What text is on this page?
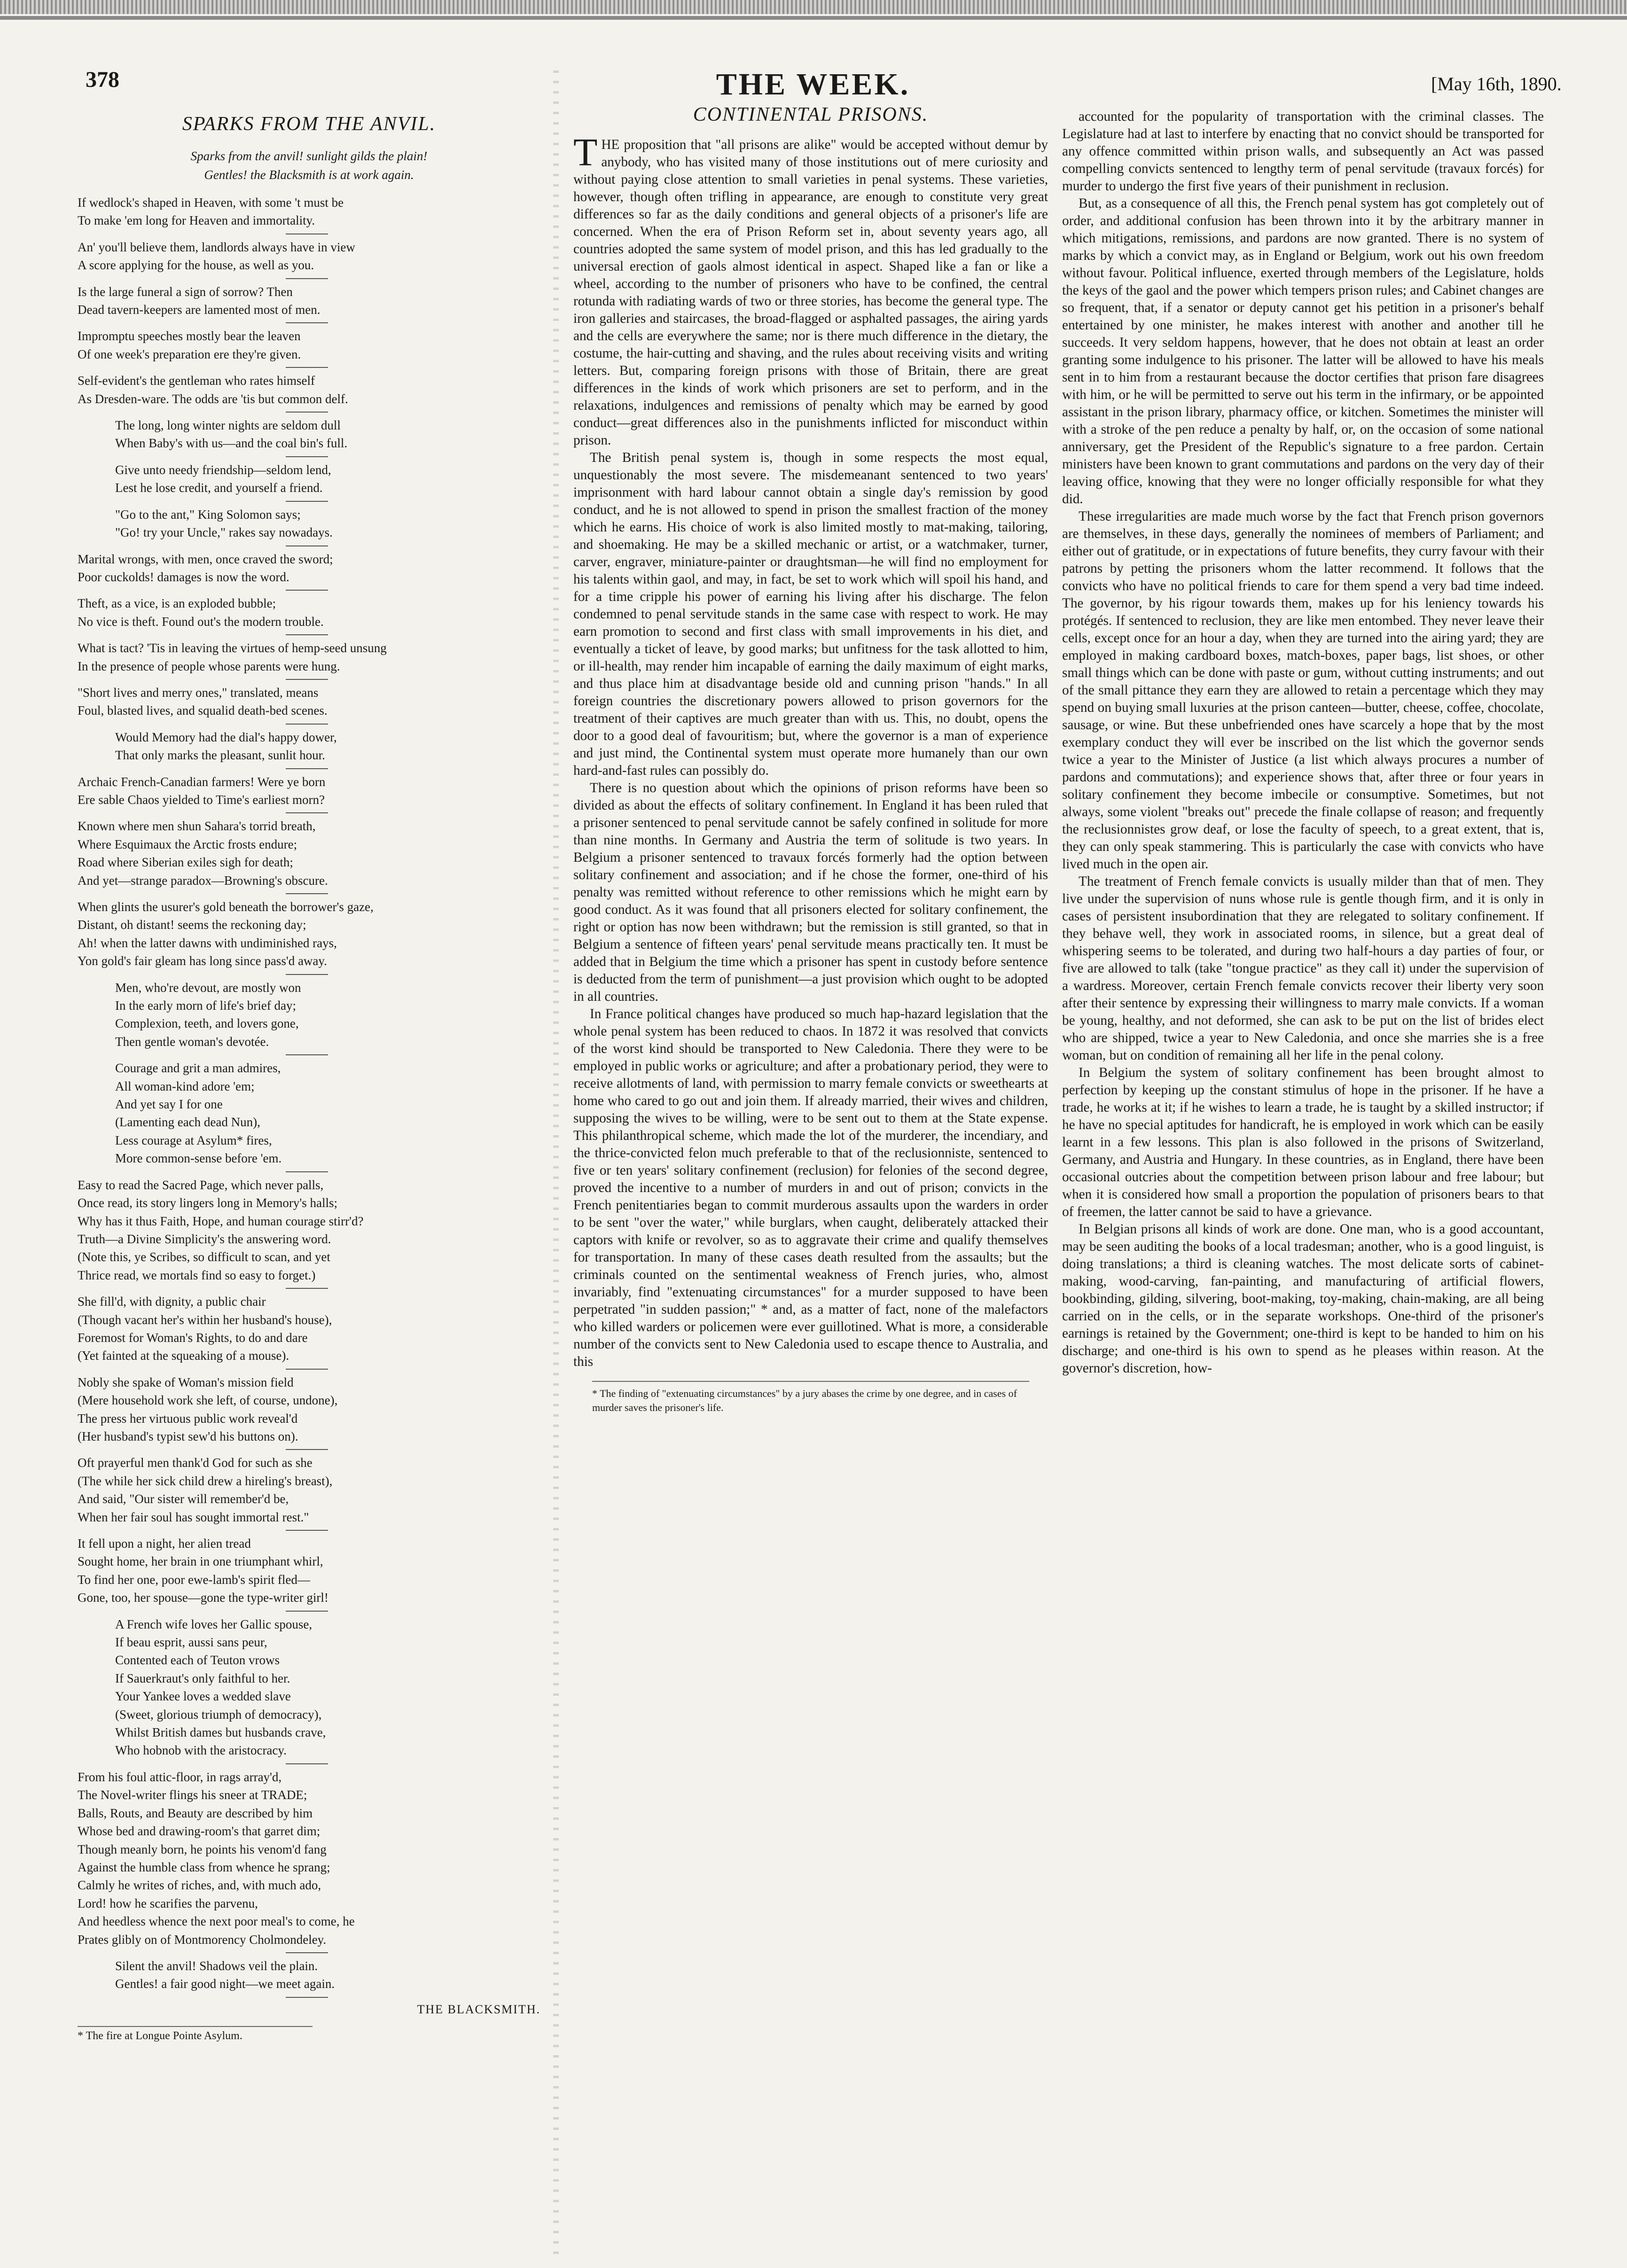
378	THE WEEK.	[May 16th, 1890.
SPARKS FROM THE ANVIL.
Sparks from the anvil! sunlight gilds the plain!
Gentles! the Blacksmith is at work again.
If wedlock's shaped in Heaven, with some 't must be
To make 'em long for Heaven and immortality.
An' you'll believe them, landlords always have in view
A score applying for the house, as well as you.
Is the large funeral a sign of sorrow? Then
Dead tavern-keepers are lamented most of men.
Impromptu speeches mostly bear the leaven
Of one week's preparation ere they're given.
Self-evident's the gentleman who rates himself
As Dresden-ware. The odds are 'tis but common delf.
The long, long winter nights are seldom dull
When Baby's with us—and the coal bin's full.
Give unto needy friendship—seldom lend,
Lest he lose credit, and yourself a friend.
"Go to the ant," King Solomon says;
"Go! try your Uncle," rakes say nowadays.
Marital wrongs, with men, once craved the sword;
Poor cuckolds! damages is now the word.
Theft, as a vice, is an exploded bubble;
No vice is theft. Found out's the modern trouble.
What is tact? 'Tis in leaving the virtues of hemp-seed unsung
In the presence of people whose parents were hung.
"Short lives and merry ones," translated, means
Foul, blasted lives, and squalid death-bed scenes.
Would Memory had the dial's happy dower,
That only marks the pleasant, sunlit hour.
Archaic French-Canadian farmers! Were ye born
Ere sable Chaos yielded to Time's earliest morn?
Known where men shun Sahara's torrid breath,
Where Esquimaux the Arctic frosts endure;
Road where Siberian exiles sigh for death;
And yet—strange paradox—Browning's obscure.
When glints the usurer's gold beneath the borrower's gaze,
Distant, oh distant! seems the reckoning day;
Ah! when the latter dawns with undiminished rays,
Yon gold's fair gleam has long since pass'd away.
Men, who're devout, are mostly won
In the early morn of life's brief day;
Complexion, teeth, and lovers gone,
Then gentle woman's devotée.
Courage and grit a man admires,
All woman-kind adore 'em;
And yet say I for one
(Lamenting each dead Nun),
Less courage at Asylum* fires,
More common-sense before 'em.
Easy to read the Sacred Page, which never palls,
Once read, its story lingers long in Memory's halls;
Why has it thus Faith, Hope, and human courage stirr'd?
Truth—a Divine Simplicity's the answering word.
(Note this, ye Scribes, so difficult to scan, and yet
Thrice read, we mortals find so easy to forget.)
She fill'd, with dignity, a public chair
(Though vacant her's within her husband's house),
Foremost for Woman's Rights, to do and dare
(Yet fainted at the squeaking of a mouse).
Nobly she spake of Woman's mission field
(Mere household work she left, of course, undone),
The press her virtuous public work reveal'd
(Her husband's typist sew'd his buttons on).
Oft prayerful men thank'd God for such as she
(The while her sick child drew a hireling's breast),
And said, "Our sister will remember'd be,
When her fair soul has sought immortal rest."
It fell upon a night, her alien tread
Sought home, her brain in one triumphant whirl,
To find her one, poor ewe-lamb's spirit fled—
Gone, too, her spouse—gone the type-writer girl!
A French wife loves her Gallic spouse,
If beau esprit, aussi sans peur,
Contented each of Teuton vrows
If Sauerkraut's only faithful to her.
Your Yankee loves a wedded slave
(Sweet, glorious triumph of democracy),
Whilst British dames but husbands crave,
Who hobnob with the aristocracy.
From his foul attic-floor, in rags array'd,
The Novel-writer flings his sneer at TRADE;
Balls, Routs, and Beauty are described by him
Whose bed and drawing-room's that garret dim;
Though meanly born, he points his venom'd fang
Against the humble class from whence he sprang;
Calmly he writes of riches, and, with much ado,
Lord! how he scarifies the parvenu,
And heedless whence the next poor meal's to come, he
Prates glibly on of Montmorency Cholmondeley.
Silent the anvil! Shadows veil the plain.
Gentles! a fair good night—we meet again.
THE BLACKSMITH.
* The fire at Longue Pointe Asylum.
CONTINENTAL PRISONS.

THE proposition that "all prisons are alike" would be accepted without demur by anybody, who has visited many of those institutions out of mere curiosity and without paying close attention to small varieties in penal systems. These varieties, however, though often trifling in appearance, are enough to constitute very great differences so far as the daily conditions and general objects of a prisoner's life are concerned. When the era of Prison Reform set in, about seventy years ago, all countries adopted the same system of model prison, and this has led gradually to the universal erection of gaols almost identical in aspect. Shaped like a fan or like a wheel, according to the number of prisoners who have to be confined, the central rotunda with radiating wards of two or three stories, has become the general type. The iron galleries and staircases, the broad-flagged or asphalted passages, the airing yards and the cells are everywhere the same; nor is there much difference in the dietary, the costume, the hair-cutting and shaving, and the rules about receiving visits and writing letters. But, comparing foreign prisons with those of Britain, there are great differences in the kinds of work which prisoners are set to perform, and in the relaxations, indulgences and remissions of penalty which may be earned by good conduct—great differences also in the punishments inflicted for misconduct within prison.

The British penal system is, though in some respects the most equal, unquestionably the most severe. The misdemeanant sentenced to two years' imprisonment with hard labour cannot obtain a single day's remission by good conduct, and he is not allowed to spend in prison the smallest fraction of the money which he earns. His choice of work is also limited mostly to mat-making, tailoring, and shoemaking. He may be a skilled mechanic or artist, or a watchmaker, turner, carver, engraver, miniature-painter or draughtsman—he will find no employment for his talents within gaol, and may, in fact, be set to work which will spoil his hand, and for a time cripple his power of earning his living after his discharge. The felon condemned to penal servitude stands in the same case with respect to work. He may earn promotion to second and first class with small improvements in his diet, and eventually a ticket of leave, by good marks; but unfitness for the task allotted to him, or ill-health, may render him incapable of earning the daily maximum of eight marks, and thus place him at disadvantage beside old and cunning prison "hands." In all foreign countries the discretionary powers allowed to prison governors for the treatment of their captives are much greater than with us. This, no doubt, opens the door to a good deal of favouritism; but, where the governor is a man of experience and just mind, the Continental system must operate more humanely than our own hard-and-fast rules can possibly do.

There is no question about which the opinions of prison reforms have been so divided as about the effects of solitary confinement. In England it has been ruled that a prisoner sentenced to penal servitude cannot be safely confined in solitude for more than nine months. In Germany and Austria the term of solitude is two years. In Belgium a prisoner sentenced to travaux forcés formerly had the option between solitary confinement and association; and if he chose the former, one-third of his penalty was remitted without reference to other remissions which he might earn by good conduct. As it was found that all prisoners elected for solitary confinement, the right or option has now been withdrawn; but the remission is still granted, so that in Belgium a sentence of fifteen years' penal servitude means practically ten. It must be added that in Belgium the time which a prisoner has spent in custody before sentence is deducted from the term of punishment—a just provision which ought to be adopted in all countries.

In France political changes have produced so much hap-hazard legislation that the whole penal system has been reduced to chaos. In 1872 it was resolved that convicts of the worst kind should be transported to New Caledonia. There they were to be employed in public works or agriculture; and after a probationary period, they were to receive allotments of land, with permission to marry female convicts or sweethearts at home who cared to go out and join them. If already married, their wives and children, supposing the wives to be willing, were to be sent out to them at the State expense. This philanthropical scheme, which made the lot of the murderer, the incendiary, and the thrice-convicted felon much preferable to that of the reclusionniste, sentenced to five or ten years' solitary confinement (reclusion) for felonies of the second degree, proved the incentive to a number of murders in and out of prison; convicts in the French penitentiaries began to commit murderous assaults upon the warders in order to be sent "over the water," while burglars, when caught, deliberately attacked their captors with knife or revolver, so as to aggravate their crime and qualify themselves for transportation. In many of these cases death resulted from the assaults; but the criminals counted on the sentimental weakness of French juries, who, almost invariably, find "extenuating circumstances" for a murder supposed to have been perpetrated "in sudden passion;" * and, as a matter of fact, none of the malefactors who killed warders or policemen were ever guillotined. What is more, a considerable number of the convicts sent to New Caledonia used to escape thence to Australia, and this

* The finding of "extenuating circumstances" by a jury abases the crime by one degree, and in cases of murder saves the prisoner's life.

accounted for the popularity of transportation with the criminal classes. The Legislature had at last to interfere by enacting that no convict should be transported for any offence committed within prison walls, and subsequently an Act was passed compelling convicts sentenced to lengthy term of penal servitude (travaux forcés) for murder to undergo the first five years of their punishment in reclusion.

But, as a consequence of all this, the French penal system has got completely out of order, and additional confusion has been thrown into it by the arbitrary manner in which mitigations, remissions, and pardons are now granted. There is no system of marks by which a convict may, as in England or Belgium, work out his own freedom without favour. Political influence, exerted through members of the Legislature, holds the keys of the gaol and the power which tempers prison rules; and Cabinet changes are so frequent, that, if a senator or deputy cannot get his petition in a prisoner's behalf entertained by one minister, he makes interest with another and another till he succeeds. It very seldom happens, however, that he does not obtain at least an order granting some indulgence to his prisoner. The latter will be allowed to have his meals sent in to him from a restaurant because the doctor certifies that prison fare disagrees with him, or he will be permitted to serve out his term in the infirmary, or be appointed assistant in the prison library, pharmacy office, or kitchen. Sometimes the minister will with a stroke of the pen reduce a penalty by half, or, on the occasion of some national anniversary, get the President of the Republic's signature to a free pardon. Certain ministers have been known to grant commutations and pardons on the very day of their leaving office, knowing that they were no longer officially responsible for what they did.

These irregularities are made much worse by the fact that French prison governors are themselves, in these days, generally the nominees of members of Parliament; and either out of gratitude, or in expectations of future benefits, they curry favour with their patrons by petting the prisoners whom the latter recommend. It follows that the convicts who have no political friends to care for them spend a very bad time indeed. The governor, by his rigour towards them, makes up for his leniency towards his protégés. If sentenced to reclusion, they are like men entombed. They never leave their cells, except once for an hour a day, when they are turned into the airing yard; they are employed in making cardboard boxes, match-boxes, paper bags, list shoes, or other small things which can be done with paste or gum, without cutting instruments; and out of the small pittance they earn they are allowed to retain a percentage which they may spend on buying small luxuries at the prison canteen—butter, cheese, coffee, chocolate, sausage, or wine. But these unbefriended ones have scarcely a hope that by the most exemplary conduct they will ever be inscribed on the list which the governor sends twice a year to the Minister of Justice (a list which always procures a number of pardons and commutations); and experience shows that, after three or four years in solitary confinement they become imbecile or consumptive. Sometimes, but not always, some violent "breaks out" precede the finale collapse of reason; and frequently the reclusionnistes grow deaf, or lose the faculty of speech, to a great extent, that is, they can only speak stammering. This is particularly the case with convicts who have lived much in the open air.

The treatment of French female convicts is usually milder than that of men. They live under the supervision of nuns whose rule is gentle though firm, and it is only in cases of persistent insubordination that they are relegated to solitary confinement. If they behave well, they work in associated rooms, in silence, but a great deal of whispering seems to be tolerated, and during two half-hours a day parties of four, or five are allowed to talk (take "tongue practice" as they call it) under the supervision of a wardress. Moreover, certain French female convicts recover their liberty very soon after their sentence by expressing their willingness to marry male convicts. If a woman be young, healthy, and not deformed, she can ask to be put on the list of brides elect who are shipped, twice a year to New Caledonia, and once she marries she is a free woman, but on condition of remaining all her life in the penal colony.

In Belgium the system of solitary confinement has been brought almost to perfection by keeping up the constant stimulus of hope in the prisoner. If he have a trade, he works at it; if he wishes to learn a trade, he is taught by a skilled instructor; if he have no special aptitudes for handicraft, he is employed in work which can be easily learnt in a few lessons. This plan is also followed in the prisons of Switzerland, Germany, and Austria and Hungary. In these countries, as in England, there have been occasional outcries about the competition between prison labour and free labour; but when it is considered how small a proportion the population of prisoners bears to that of freemen, the latter cannot be said to have a grievance.

In Belgian prisons all kinds of work are done. One man, who is a good accountant, may be seen auditing the books of a local tradesman; another, who is a good linguist, is doing translations; a third is cleaning watches. The most delicate sorts of cabinet-making, wood-carving, fan-painting, and manufacturing of artificial flowers, bookbinding, gilding, silvering, boot-making, toy-making, chain-making, are all being carried on in the cells, or in the separate workshops. One-third of the prisoner's earnings is retained by the Government; one-third is kept to be handed to him on his discharge; and one-third is his own to spend as he pleases within reason. At the governor's discretion, how-
